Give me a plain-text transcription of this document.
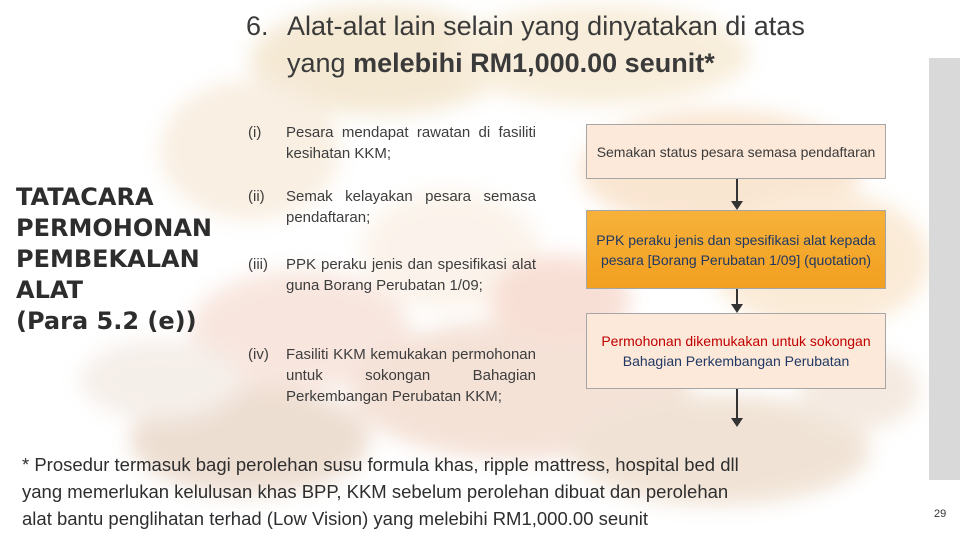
6. Alat-alat lain selain yang dinyatakan di atas
yang melebihi RM1,000.00 seunit*
TATACARA
PERMOHONAN
PEMBEKALAN
ALAT
(Para 5.2 (e))
(i) Pesara mendapat rawatan di fasiliti kesihatan KKM;
(ii) Semak kelayakan pesara semasa pendaftaran;
(iii) PPK peraku jenis dan spesifikasi alat guna Borang Perubatan 1/09;
(iv) Fasiliti KKM kemukakan permohonan untuk sokongan Bahagian Perkembangan Perubatan KKM;
Semakan status pesara semasa pendaftaran
PPK peraku jenis dan spesifikasi alat kepada pesara [Borang Perubatan 1/09] (quotation)
Permohonan dikemukakan untuk sokongan Bahagian Perkembangan Perubatan
* Prosedur termasuk bagi perolehan susu formula khas, ripple mattress, hospital bed dll
yang memerlukan kelulusan khas BPP, KKM sebelum perolehan dibuat dan perolehan
alat bantu penglihatan terhad (Low Vision) yang melebihi RM1,000.00 seunit	29
